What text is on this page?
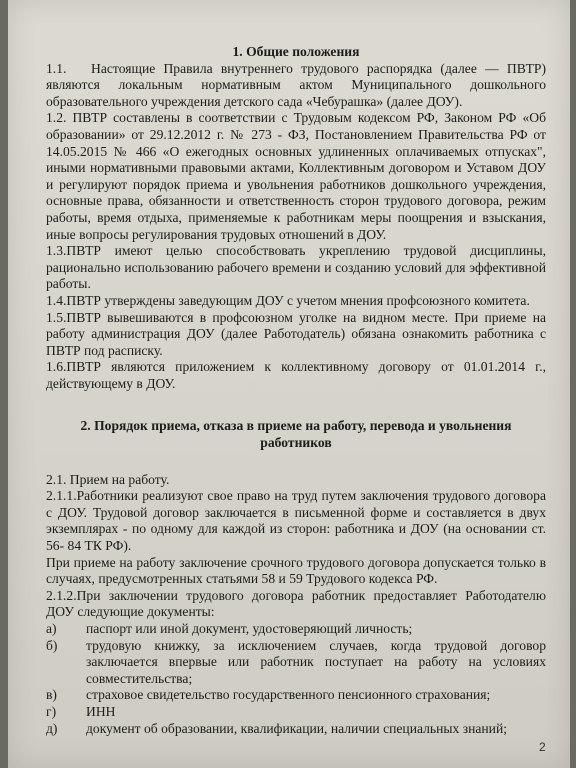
1. Общие положения

1.1.   Настоящие Правила внутреннего трудового распорядка (далее — ПВТР) являются локальным нормативным актом Муниципального дошкольного образовательного учреждения детского сада «Чебурашка» (далее ДОУ).

1.2. ПВТР составлены в соответствии с Трудовым кодексом РФ, Законом РФ «Об образовании» от 29.12.2012 г. № 273 - ФЗ, Постановлением Правительства РФ от 14.05.2015 № 466 «О ежегодных основных удлиненных оплачиваемых отпусках", иными нормативными правовыми актами, Коллективным договором и Уставом ДОУ и регулируют порядок приема и увольнения работников дошкольного учреждения, основные права, обязанности и ответственность сторон трудового договора, режим работы, время отдыха, применяемые к работникам меры поощрения и взыскания, иные вопросы регулирования трудовых отношений в ДОУ.

1.3.ПВТР имеют целью способствовать укреплению трудовой дисциплины, рационально использованию рабочего времени и созданию условий для эффективной работы.

1.4.ПВТР утверждены заведующим ДОУ с учетом мнения профсоюзного комитета.

1.5.ПВТР вывешиваются в профсоюзном уголке на видном месте. При приеме на работу администрация ДОУ (далее Работодатель) обязана ознакомить работника с ПВТР под расписку.

1.6.ПВТР являются приложением к коллективному договору от 01.01.2014 г., действующему в ДОУ.

2. Порядок приема, отказа в приеме на работу, перевода и увольнения работников

2.1. Прием на работу.

2.1.1.Работники реализуют свое право на труд путем заключения трудового договора с ДОУ. Трудовой договор заключается в письменной форме и составляется в двух экземплярах - по одному для каждой из сторон: работника и ДОУ (на основании ст. 56- 84 ТК РФ).

При приеме на работу заключение срочного трудового договора допускается только в случаях, предусмотренных статьями 58 и 59 Трудового кодекса РФ.

2.1.2.При заключении трудового договора работник предоставляет Работодателю ДОУ следующие документы:

а)	паспорт или иной документ, удостоверяющий личность;
б)	трудовую книжку, за исключением случаев, когда трудовой договор заключается впервые или работник поступает на работу на условиях совместительства;
в)	страховое свидетельство государственного пенсионного страхования;
г)	ИНН
д)	документ об образовании, квалификации, наличии специальных знаний;
2
